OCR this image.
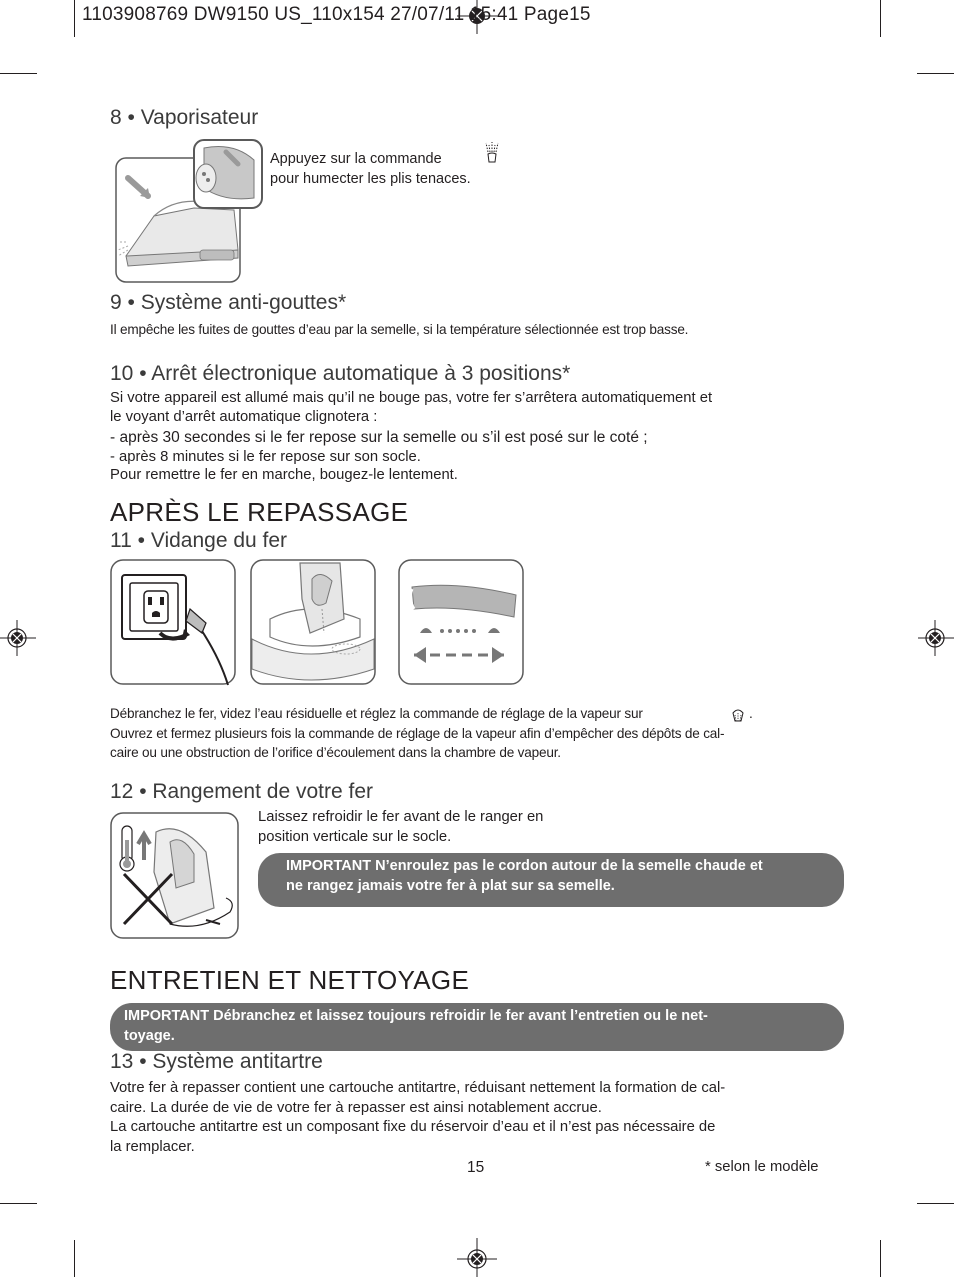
1103908769 DW9150 US_110x154 27/07/11 15:41 Page15
8 • Vaporisateur
Appuyez sur la commande
pour humecter les plis tenaces.
9 • Système anti-gouttes*
Il empêche les fuites de gouttes d’eau par la semelle, si la température sélectionnée est trop basse.
10 • Arrêt électronique automatique à 3 positions*
Si votre appareil est allumé mais qu’il ne bouge pas, votre fer s’arrêtera automatiquement et
le voyant d’arrêt automatique clignotera :
- après 30 secondes si le fer repose sur la semelle ou s’il est posé sur le coté ;
- après 8 minutes si le fer repose sur son socle.
Pour remettre le fer en marche, bougez-le lentement.
APRÈS LE REPASSAGE
11 • Vidange du fer
Débranchez le fer, videz l’eau résiduelle et réglez la commande de réglage de la vapeur sur	.
Ouvrez et fermez plusieurs fois la commande de réglage de la vapeur afin d’empêcher des dépôts de cal-
caire ou une obstruction de l’orifice d’écoulement dans la chambre de vapeur.
12 • Rangement de votre fer
Laissez refroidir le fer avant de le ranger en
position verticale sur le socle.
IMPORTANT N’enroulez pas le cordon autour de la semelle chaude et
ne rangez jamais votre fer à plat sur sa semelle.
ENTRETIEN ET NETTOYAGE
IMPORTANT Débranchez et laissez toujours refroidir le fer avant l’entretien ou le net-
toyage.
13 • Système antitartre
Votre fer à repasser contient une cartouche antitartre, réduisant nettement la formation de cal-
caire. La durée de vie de votre fer à repasser est ainsi notablement accrue.
La cartouche antitartre est un composant fixe du réservoir d’eau et il n’est pas nécessaire de
la remplacer.
15	* selon le modèle
